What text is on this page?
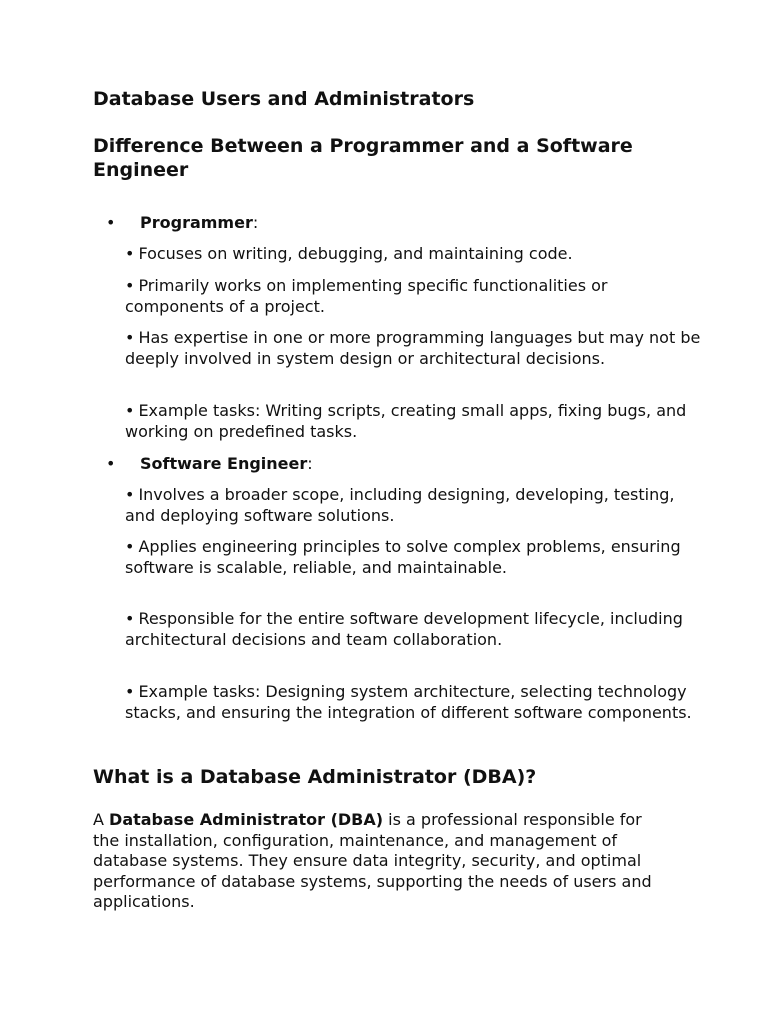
Database Users and Administrators
Difference Between a Programmer and a Software Engineer
• Programmer:

• Focuses on writing, debugging, and maintaining code.

• Primarily works on implementing specific functionalities or components of a project.

• Has expertise in one or more programming languages but may not be deeply involved in system design or architectural decisions.

• Example tasks: Writing scripts, creating small apps, fixing bugs, and working on predefined tasks.

• Software Engineer:

• Involves a broader scope, including designing, developing, testing, and deploying software solutions.

• Applies engineering principles to solve complex problems, ensuring software is scalable, reliable, and maintainable.

• Responsible for the entire software development lifecycle, including architectural decisions and team collaboration.

• Example tasks: Designing system architecture, selecting technology stacks, and ensuring the integration of different software components.

What is a Database Administrator (DBA)?

A Database Administrator (DBA) is a professional responsible for the installation, configuration, maintenance, and management of database systems. They ensure data integrity, security, and optimal performance of database systems, supporting the needs of users and applications.
